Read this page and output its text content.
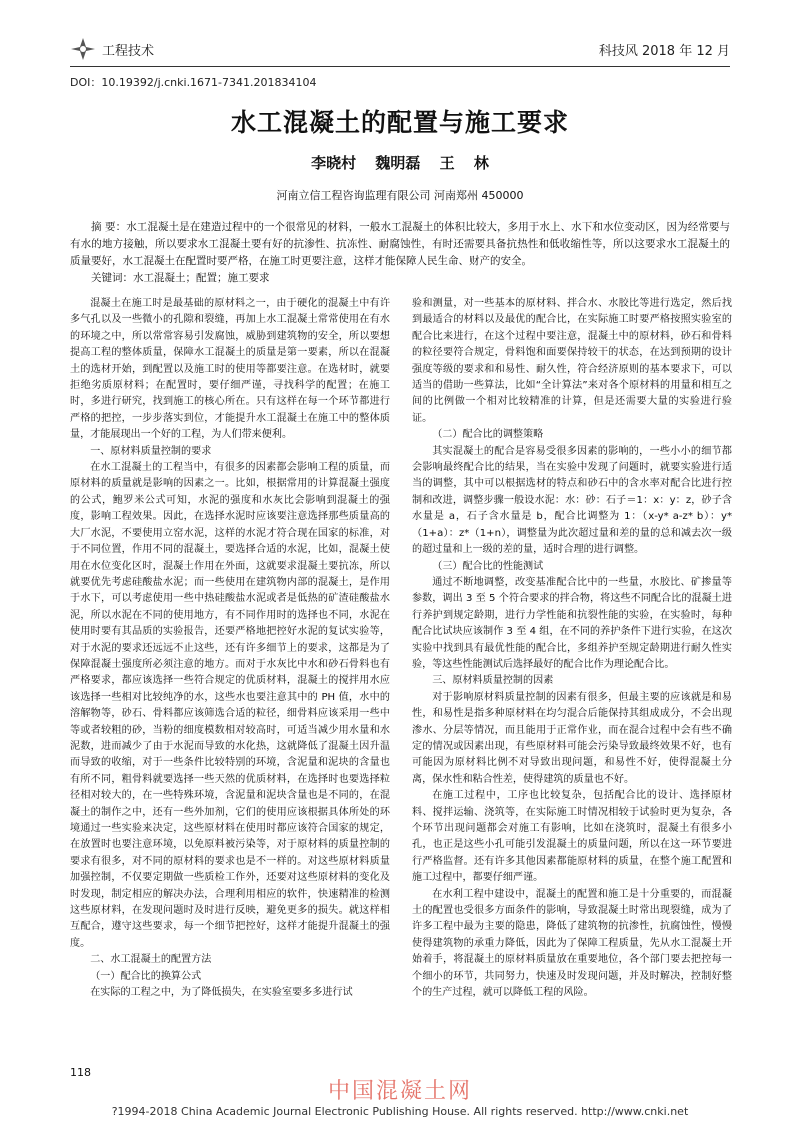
工程技术	科技风 2018 年 12 月
DOI：10.19392/j.cnki.1671-7341.201834104
水工混凝土的配置与施工要求
李晓村 魏明磊 王 林
河南立信工程咨询监理有限公司 河南郑州 450000
摘 要：水工混凝土是在建造过程中的一个很常见的材料，一般水工混凝土的体积比较大，多用于水上、水下和水位变动区，因为经常要与有水的地方接触，所以要求水工混凝土要有好的抗渗性、抗冻性、耐腐蚀性，有时还需要具备抗热性和低收缩性等，所以这要求水工混凝土的质量要好，水工混凝土在配置时要严格，在施工时更要注意，这样才能保障人民生命、财产的安全。
关键词：水工混凝土；配置；施工要求

混凝土在施工时是最基础的原材料之一，由于硬化的混凝土中有许多气孔以及一些微小的孔隙和裂缝，再加上水工混凝土常常使用在有水的环境之中，所以常常容易引发腐蚀，威胁到建筑物的安全，所以要想提高工程的整体质量，保障水工混凝土的质量是第一要素，所以在混凝土的选材开始，到配置以及施工时的使用等都要注意。在选材时，就要拒绝劣质原材料；在配置时，要仔细严谨，寻找科学的配置；在施工时，多进行研究，找到施工的核心所在。只有这样在每一个环节都进行严格的把控，一步步落实到位，才能提升水工混凝土在施工中的整体质量，才能展现出一个好的工程，为人们带来便利。

一、原材料质量控制的要求

在水工混凝土的工程当中，有很多的因素都会影响工程的质量，而原材料的质量就是影响的因素之一。比如，根据常用的计算混凝土强度的公式，鲍罗米公式可知，水泥的强度和水灰比会影响到混凝土的强度，影响工程效果。因此，在选择水泥时应该要注意选择那些质量高的大厂水泥，不要使用立窑水泥，这样的水泥才符合现在国家的标准，对于不同位置，作用不同的混凝土，要选择合适的水泥，比如，混凝土使用在水位变化区时，混凝土作用在外面，这就要求混凝土要抗冻，所以就要优先考虑硅酸盐水泥；而一些使用在建筑物内部的混凝土，是作用于水下，可以考虑使用一些中热硅酸盐水泥或者是低热的矿渣硅酸盐水泥，所以水泥在不同的使用地方，有不同作用时的选择也不同，水泥在使用时要有其品质的实验报告，还要严格地把控好水泥的复试实验等，对于水泥的要求还远远不止这些，还有许多细节上的要求，这都是为了保障混凝土强度所必须注意的地方。而对于水灰比中水和砂石骨料也有严格要求，都应该选择一些符合规定的优质材料，混凝土的搅拌用水应该选择一些相对比较纯净的水，这些水也要注意其中的 PH 值，水中的溶解物等，砂石、骨料都应该筛选合适的粒径，细骨料应该采用一些中等或者较粗的砂，当粉的细度模数相对较高时，可适当减少用水量和水泥数，进而减少了由于水泥而导致的水化热，这就降低了混凝土因升温而导致的收缩，对于一些条件比较特别的环境，含泥量和泥块的含量也有所不同，粗骨料就要选择一些天然的优质材料，在选择时也要选择粒径相对较大的，在一些特殊环境，含泥量和泥块含量也是不同的，在混凝土的制作之中，还有一些外加剂，它们的使用应该根据具体所处的环境通过一些实验来决定，这些原材料在使用时都应该符合国家的规定，在放置时也要注意环境，以免原料被污染等，对于原材料的质量控制的要求有很多，对不同的原材料的要求也是不一样的。对这些原材料质量加强控制，不仅要定期做一些质检工作外，还要对这些原材料的变化及时发现，制定相应的解决办法，合理利用相应的软件，快速精准的检测这些原材料，在发现问题时及时进行反映，避免更多的损失。就这样相互配合，遵守这些要求，每一个细节把控好，这样才能提升混凝土的强度。

二、水工混凝土的配置方法
（一）配合比的换算公式

在实际的工程之中，为了降低损失，在实验室要多多进行试

验和测量，对一些基本的原材料、拌合水、水胶比等进行选定，然后找到最适合的材料以及最优的配合比，在实际施工时要严格按照实验室的配合比来进行，在这个过程中要注意，混凝土中的原材料，砂石和骨料的粒径要符合规定，骨料饱和面要保持较干的状态，在达到预期的设计强度等级的要求和和易性、耐久性，符合经济原则的基本要求下，可以适当的借助一些算法，比如“全计算法”来对各个原材料的用量和相互之间的比例做一个相对比较精准的计算，但是还需要大量的实验进行验证。

（二）配合比的调整策略

其实混凝土的配合是容易受很多因素的影响的，一些小小的细节都会影响最终配合比的结果，当在实验中发现了问题时，就要实验进行适当的调整，其中可以根据选材的特点和砂石中的含水率对配合比进行控制和改进，调整步骤一般设水泥：水：砂：石子＝1：x：y：z，砂子含水量是 a，石子含水量是 b，配合比调整为 1：（x-y* a-z* b）：y*（1+a）：z*（1+n），调整量为此次超过量和差的量的总和减去次一级的超过量和上一级的差的量，适时合理的进行调整。

（三）配合比的性能测试

通过不断地调整，改变基准配合比中的一些量，水胶比、矿掺量等参数，调出 3 至 5 个符合要求的拌合物，将这些不同配合比的混凝土进行养护到规定龄期，进行力学性能和抗裂性能的实验，在实验时，每种配合比试块应该制作 3 至 4 组，在不同的养护条件下进行实验，在这次实验中找到具有最优性能的配合比，多组养护至规定龄期进行耐久性实验，等这些性能测试后选择最好的配合比作为理论配合比。

三、原材料质量控制的因素

对于影响原材料质量控制的因素有很多，但最主要的应该就是和易性，和易性是指多种原材料在均匀混合后能保持其组成成分，不会出现渗水、分层等情况，而且能用于正常作业，而在混合过程中会有些不确定的情况或因素出现，有些原材料可能会污染导致最终效果不好，也有可能因为原材料比例不对导致出现问题，和易性不好，使得混凝土分离，保水性和粘合性差，使得建筑的质量也不好。

在施工过程中，工序也比较复杂，包括配合比的设计、选择原材料、搅拌运输、浇筑等，在实际施工时情况相较于试验时更为复杂，各个环节出现问题都会对施工有影响，比如在浇筑时，混凝土有很多小孔，也正是这些小孔可能引发混凝土的质量问题，所以在这一环节要进行严格监督。还有许多其他因素都能原材料的质量，在整个施工配置和施工过程中，都要仔细严谨。

在水利工程中建设中，混凝土的配置和施工是十分重要的，而混凝土的配置也受很多方面条件的影响，导致混凝土时常出现裂缝，成为了许多工程中最为主要的隐患，降低了建筑物的抗渗性，抗腐蚀性，慢慢使得建筑物的承重力降低，因此为了保障工程质量，先从水工混凝土开始着手，将混凝土的原材料质量放在重要地位，各个部门要去把控每一个细小的环节，共同努力，快速及时发现问题，并及时解决，控制好整个的生产过程，就可以降低工程的风险。

118
中国混凝土网
?1994-2018 China Academic Journal Electronic Publishing House. All rights reserved. http://www.cnki.net
